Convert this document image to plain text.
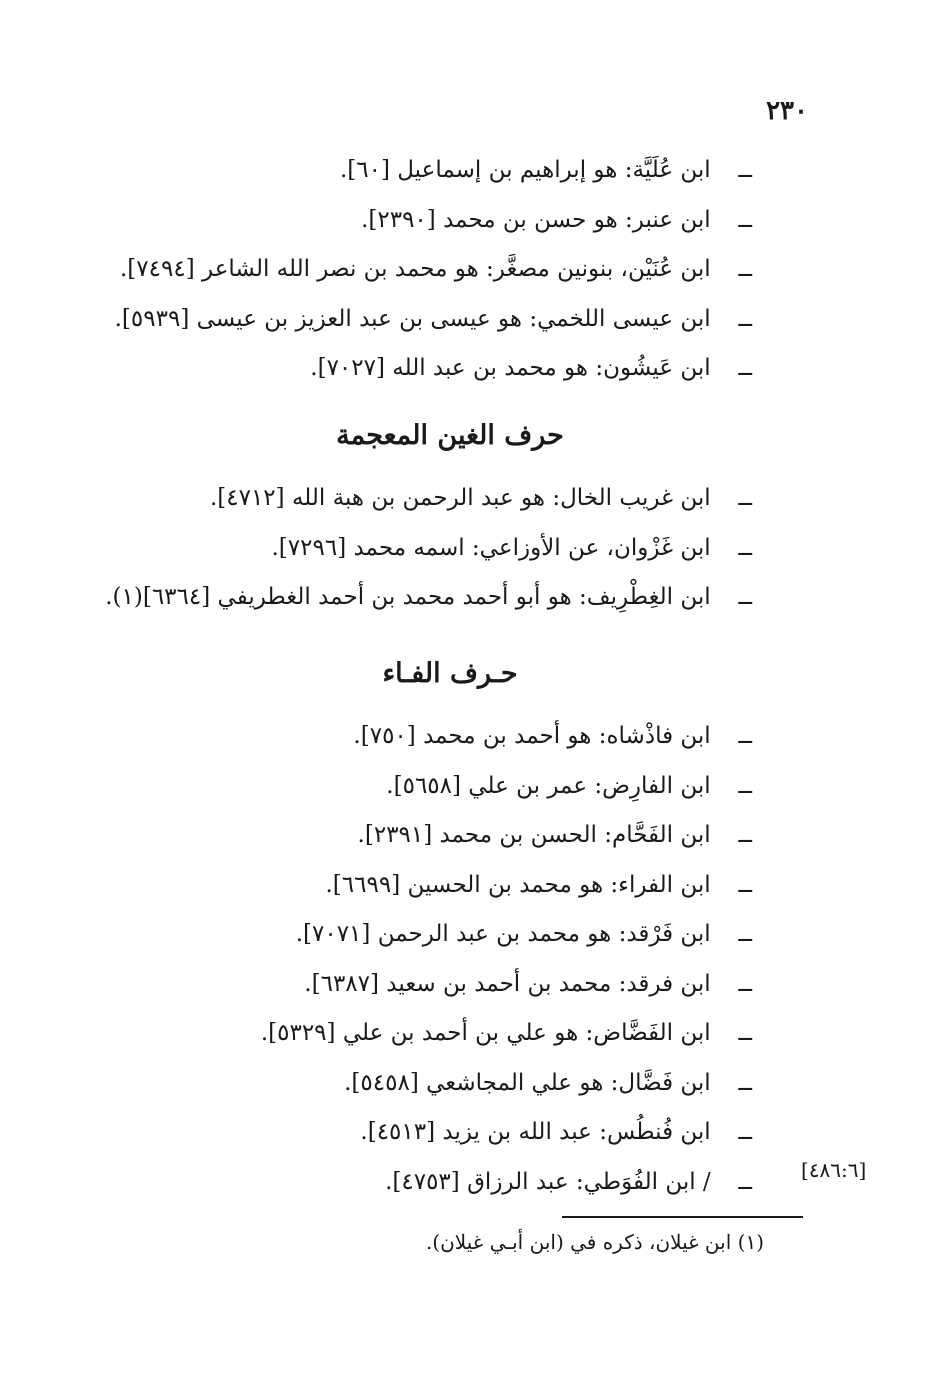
٢٣٠
ــ ابن عُلَيَّة: هو إبراهيم بن إسماعيل [٦٠].
ــ ابن عنبر: هو حسن بن محمد [٢٣٩٠].
ــ ابن عُنَيْن، بنونين مصغَّر: هو محمد بن نصر الله الشاعر [٧٤٩٤].
ــ ابن عيسى اللخمي: هو عيسى بن عبد العزيز بن عيسى [٥٩٣٩].
ــ ابن عَيشُون: هو محمد بن عبد الله [٧٠٢٧].
حرف الغين المعجمة
ــ ابن غريب الخال: هو عبد الرحمن بن هبة الله [٤٧١٢].
ــ ابن غَزْوان، عن الأوزاعي: اسمه محمد [٧٢٩٦].
ــ ابن الغِطْرِيف: هو أبو أحمد محمد بن أحمد الغطريفي [٦٣٦٤](١).
حـرف الفـاء
ــ ابن فاذْشاه: هو أحمد بن محمد [٧٥٠].
ــ ابن الفارِض: عمر بن علي [٥٦٥٨].
ــ ابن الفَحَّام: الحسن بن محمد [٢٣٩١].
ــ ابن الفراء: هو محمد بن الحسين [٦٦٩٩].
ــ ابن فَرْقد: هو محمد بن عبد الرحمن [٧٠٧١].
ــ ابن فرقد: محمد بن أحمد بن سعيد [٦٣٨٧].
ــ ابن الفَضَّاض: هو علي بن أحمد بن علي [٥٣٢٩].
ــ ابن فَضَّال: هو علي المجاشعي [٥٤٥٨].
ــ ابن فُنطُس: عبد الله بن يزيد [٤٥١٣].
ــ / ابن الفُوَطي: عبد الرزاق [٤٧٥٣].	[٤٨٦:٦]
(١) ابن غيلان، ذكره في (ابن أبـي غيلان).
